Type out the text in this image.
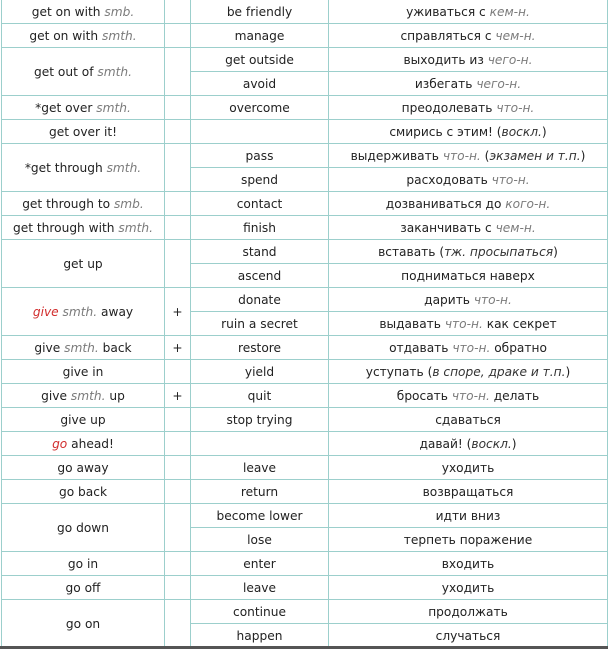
get on with smb.		be friendly	уживаться с кем-н.
get on with smth.		manage	справляться с чем-н.
get out of smth.		get outside	выходить из чего-н.
		avoid	избегать чего-н.
*get over smth.		overcome	преодолевать что-н.
get over it!			смирись с этим! (воскл.)
*get through smth.		pass	выдерживать что-н. (экзамен и т.п.)
		spend	расходовать что-н.
get through to smb.		contact	дозваниваться до кого-н.
get through with smth.		finish	заканчивать с чем-н.
get up		stand	вставать (тж. просыпаться)
		ascend	подниматься наверх
give smth. away	+	donate	дарить что-н.
		ruin a secret	выдавать что-н. как секрет
give smth. back	+	restore	отдавать что-н. обратно
give in		yield	уступать (в споре, драке и т.п.)
give smth. up	+	quit	бросать что-н. делать
give up		stop trying	сдаваться
go ahead!			давай! (воскл.)
go away		leave	уходить
go back		return	возвращаться
go down		become lower	идти вниз
		lose	терпеть поражение
go in		enter	входить
go off		leave	уходить
go on		continue	продолжать
		happen	случаться
